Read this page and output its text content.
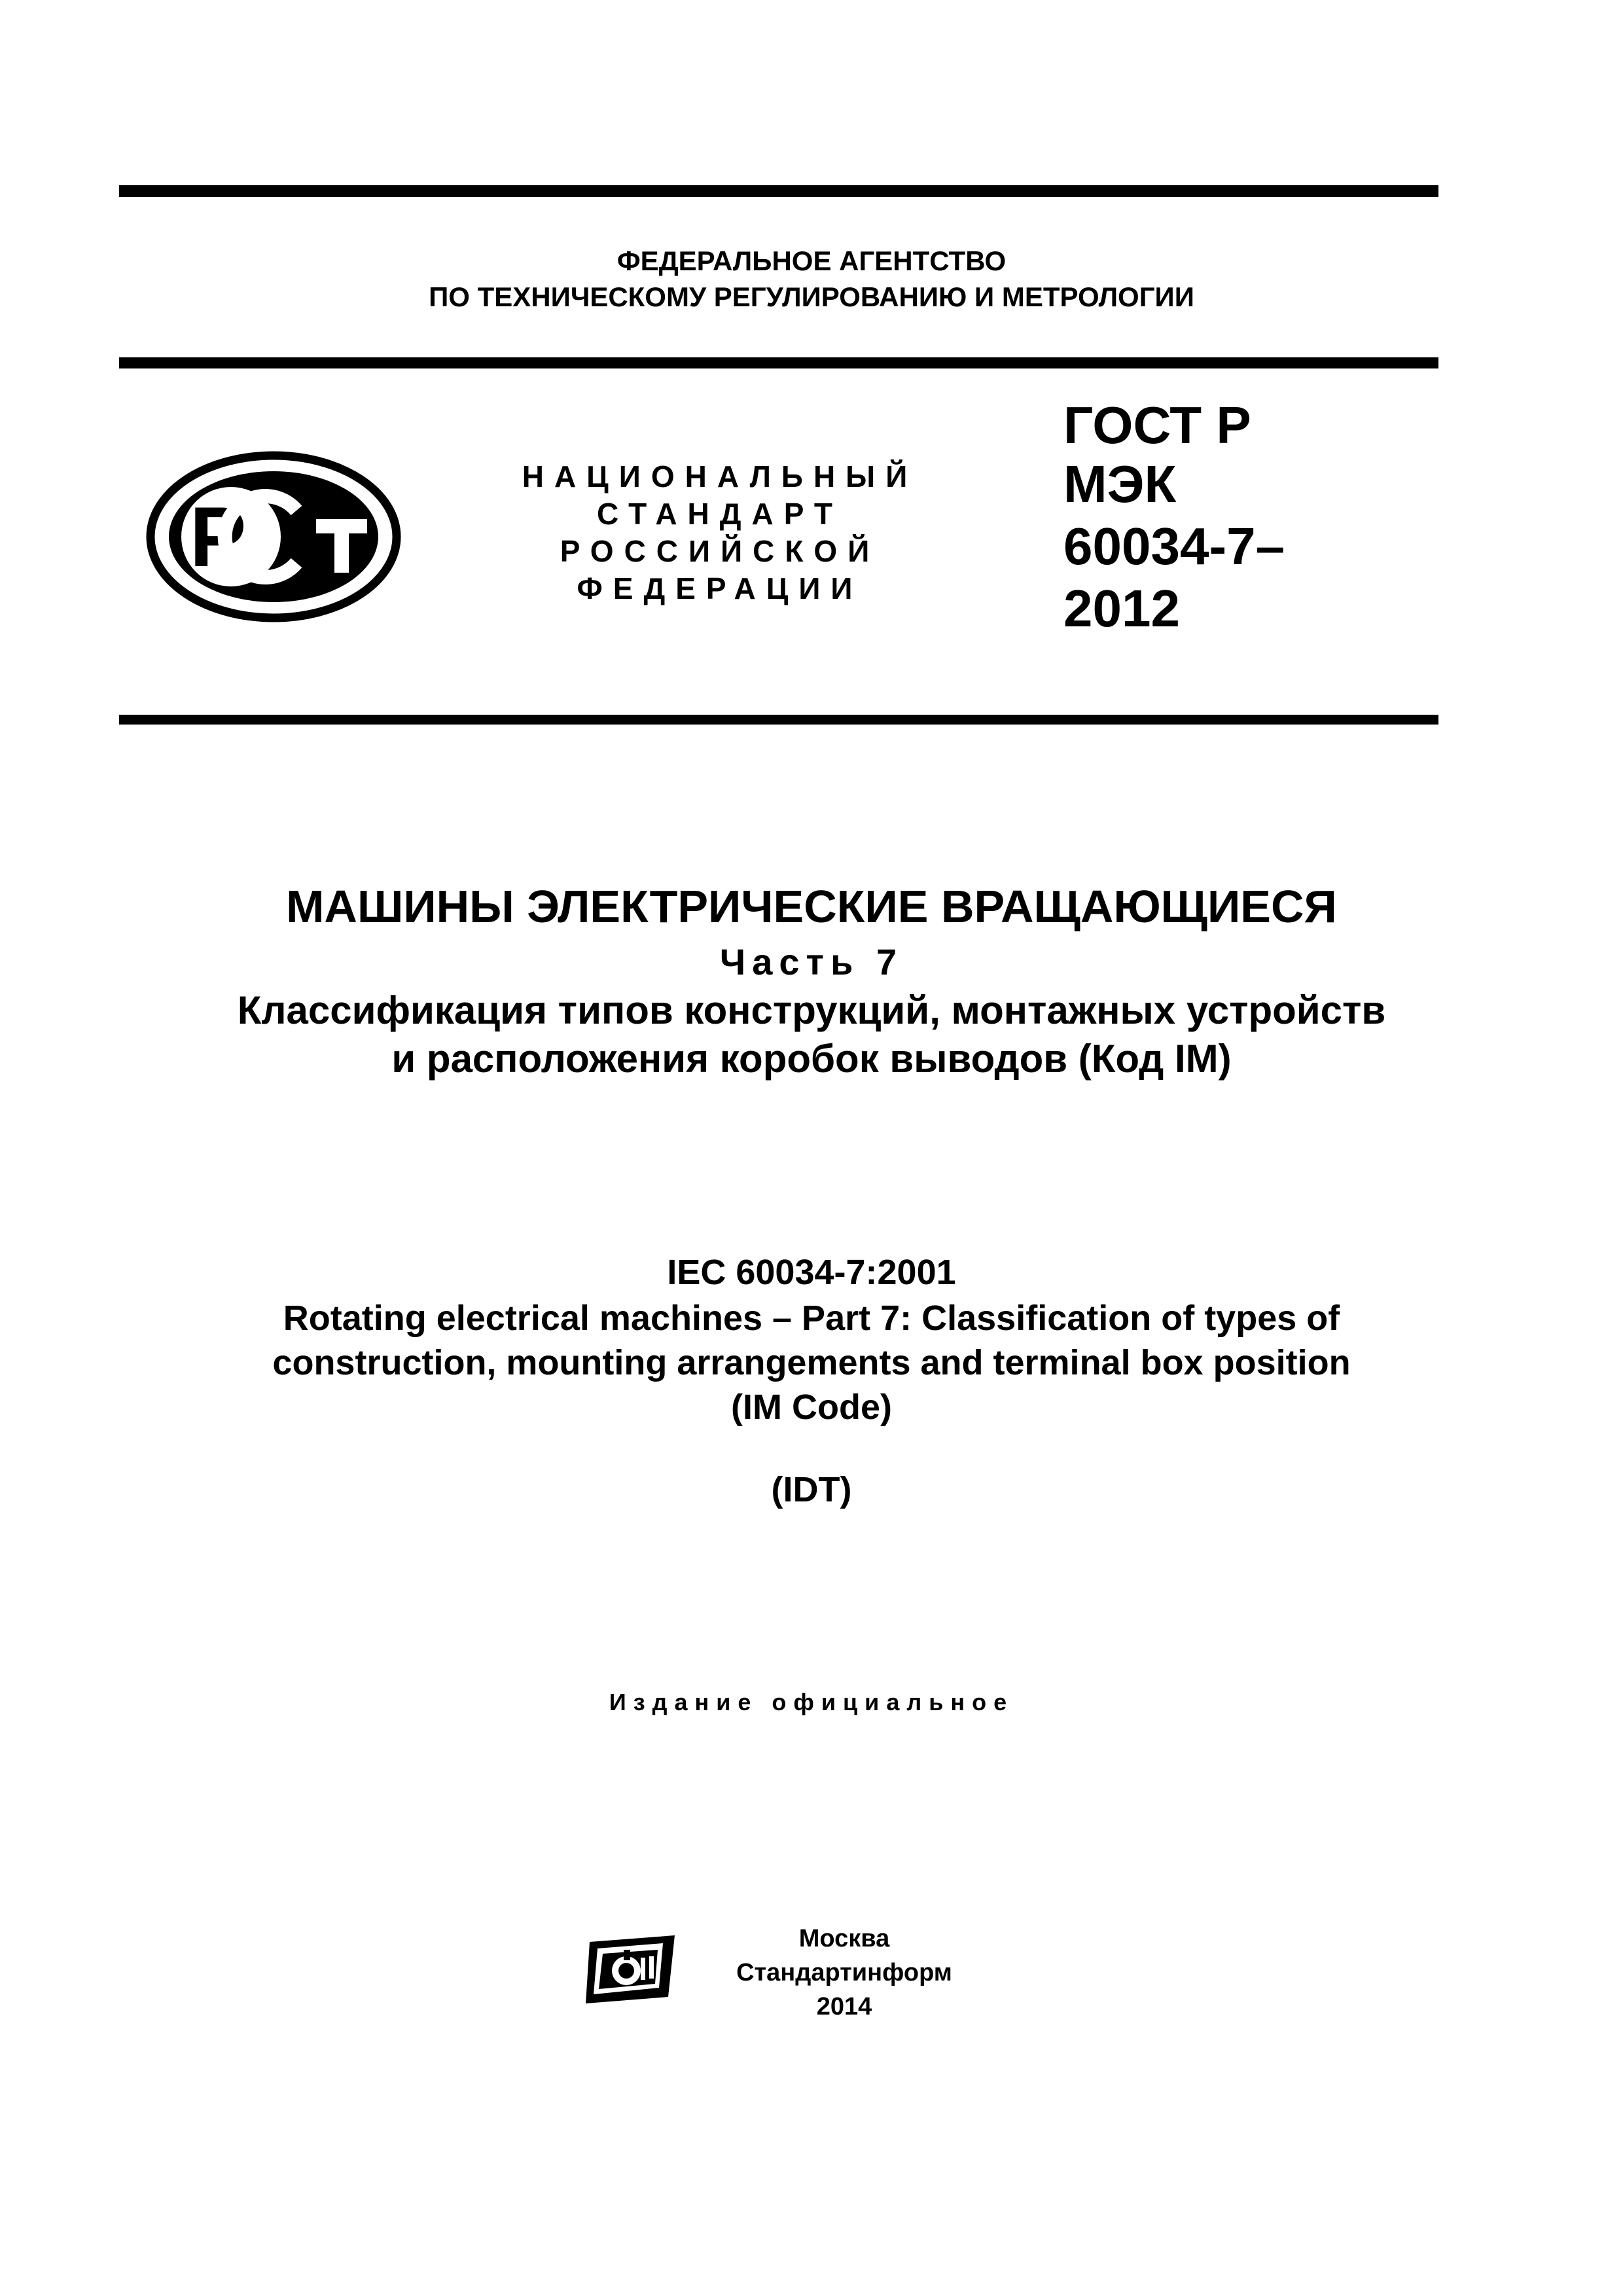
ФЕДЕРАЛЬНОЕ АГЕНТСТВО
ПО ТЕХНИЧЕСКОМУ РЕГУЛИРОВАНИЮ И МЕТРОЛОГИИ
Р
НАЦИОНАЛЬНЫЙ
СТАНДАРТ
РОССИЙСКОЙ
ФЕДЕРАЦИИ
ГОСТ Р
МЭК
60034-7–
2012
МАШИНЫ ЭЛЕКТРИЧЕСКИЕ ВРАЩАЮЩИЕСЯ
Часть 7
Классификация типов конструкций, монтажных устройств
и расположения коробок выводов (Код IM)
IEC 60034-7:2001
Rotating electrical machines – Part 7: Classification of types of
construction, mounting arrangements and terminal box position
(IM Code)
(IDT)
Издание официальное
Москва
Стандартинформ
2014
